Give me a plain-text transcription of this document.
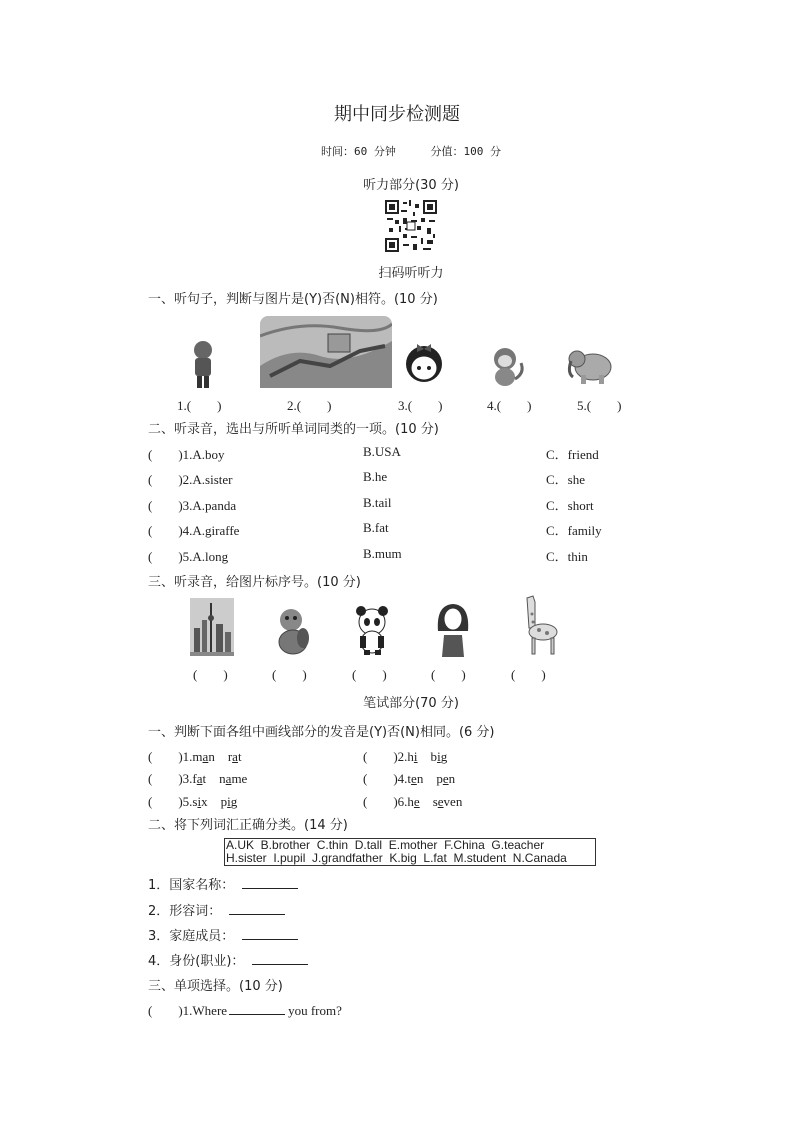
期中同步检测题
时间：60 分钟	分值：100 分
听力部分(30 分)
扫码听听力
一、听句子，判断与图片是(Y)否(N)相符。(10 分)
1.(　　)	2.(　　)	3.(　　)	4.(　　)	5.(　　)
二、听录音，选出与所听单词同类的一项。(10 分)
(　　)1.A.boy	B.USA	C．friend
(　　)2.A.sister	B.he	C．she
(　　)3.A.panda	B.tail	C．short
(　　)4.A.giraffe	B.fat	C．family
(　　)5.A.long	B.mum	C．thin
三、听录音，给图片标序号。(10 分)
(　　)	(　　)	(　　)	(　　)	(　　)
笔试部分(70 分)
一、判断下面各组中画线部分的发音是(Y)否(N)相同。(6 分)
(　　)1.man　rat	(　　)2.hi　big
(　　)3.fat　name	(　　)4.ten　pen
(　　)5.six　pig	(　　)6.he　seven
二、将下列词汇正确分类。(14 分)
A.UK  B.brother  C.thin  D.tall  E.mother  F.China  G.teacher
H.sister  I.pupil  J.grandfather  K.big  L.fat  M.student  N.Canada
1．国家名称：
2．形容词：
3．家庭成员：
4．身份(职业)：
三、单项选择。(10 分)
(　　)1.Where	you from?
